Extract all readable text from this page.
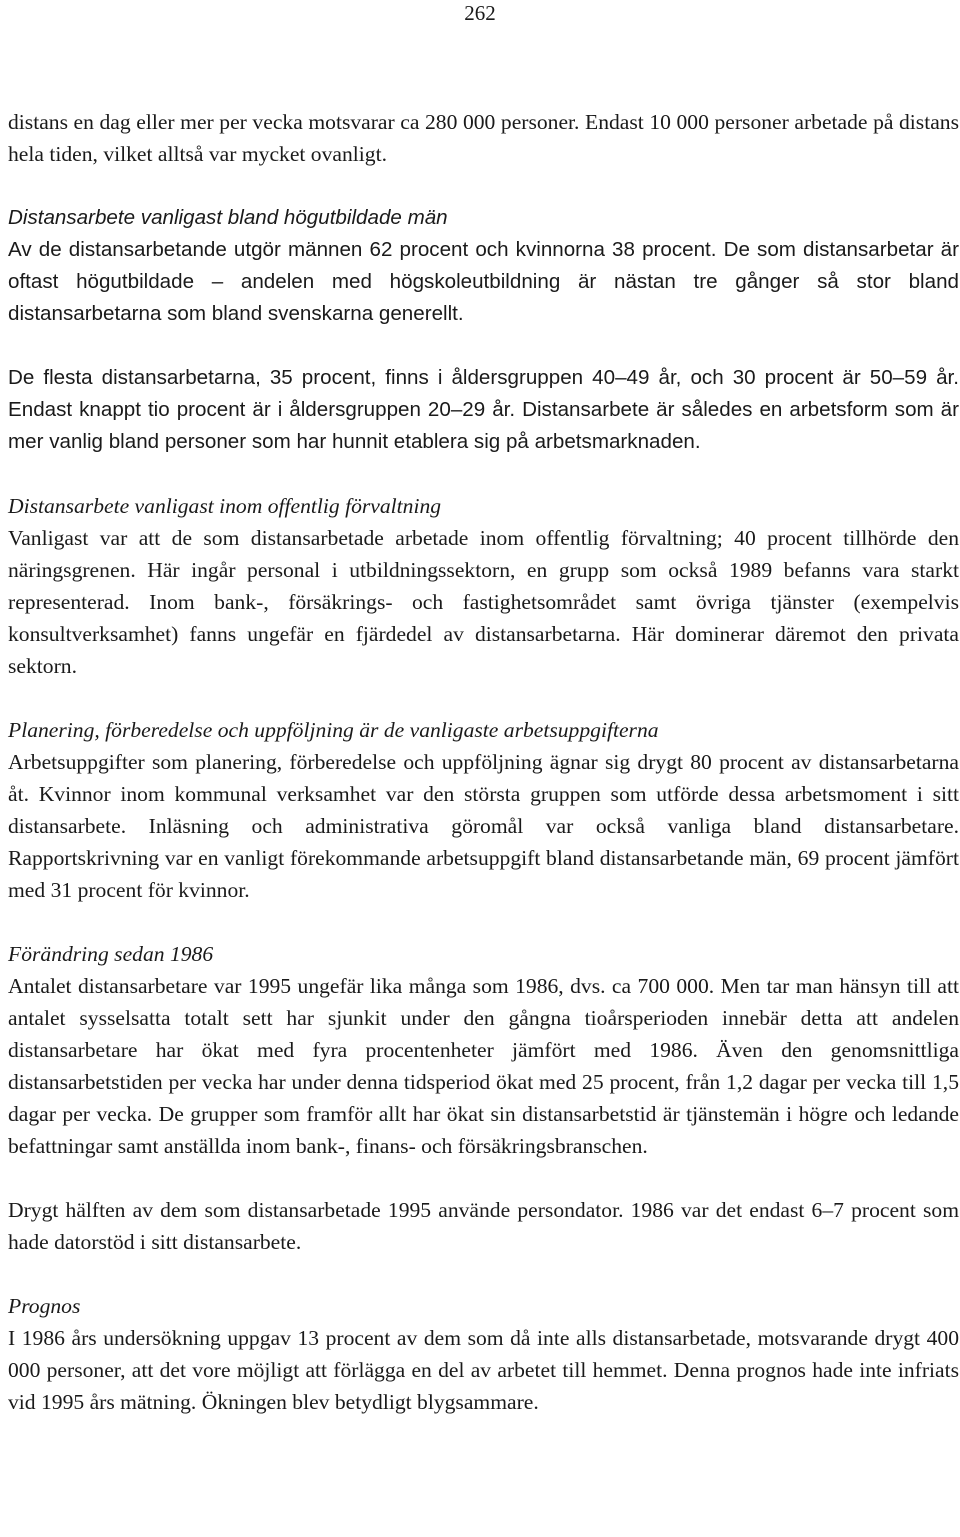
262

distans en dag eller mer per vecka motsvarar ca 280 000 personer. Endast 10 000 personer arbetade på distans hela tiden, vilket alltså var mycket ovanligt.

Distansarbete vanligast bland högutbildade män

Av de distansarbetande utgör männen 62 procent och kvinnorna 38 procent. De som distansarbetar är oftast högutbildade – andelen med högskoleutbildning är nästan tre gånger så stor bland distansarbetarna som bland svenskarna generellt.

De flesta distansarbetarna, 35 procent, finns i åldersgruppen 40–49 år, och 30 procent är 50–59 år. Endast knappt tio procent är i åldersgruppen 20–29 år. Distansarbete är således en arbetsform som är mer vanlig bland personer som har hunnit etablera sig på arbetsmarknaden.

Distansarbete vanligast inom offentlig förvaltning

Vanligast var att de som distansarbetade arbetade inom offentlig förvaltning; 40 procent tillhörde den näringsgrenen. Här ingår personal i utbildningssektorn, en grupp som också 1989 befanns vara starkt representerad. Inom bank-, försäkrings- och fastighetsområdet samt övriga tjänster (exempelvis konsultverksamhet) fanns ungefär en fjärdedel av distansarbetarna. Här dominerar däremot den privata sektorn.

Planering, förberedelse och uppföljning är de vanligaste arbetsuppgifterna

Arbetsuppgifter som planering, förberedelse och uppföljning ägnar sig drygt 80 procent av distansarbetarna åt. Kvinnor inom kommunal verksamhet var den största gruppen som utförde dessa arbetsmoment i sitt distansarbete. Inläsning och administrativa göromål var också vanliga bland distansarbetare. Rapportskrivning var en vanligt förekommande arbetsuppgift bland distansarbetande män, 69 procent jämfört med 31 procent för kvinnor.

Förändring sedan 1986

Antalet distansarbetare var 1995 ungefär lika många som 1986, dvs. ca 700 000. Men tar man hänsyn till att antalet sysselsatta totalt sett har sjunkit under den gångna tioårsperioden innebär detta att andelen distansarbetare har ökat med fyra procentenheter jämfört med 1986. Även den genomsnittliga distansarbetstiden per vecka har under denna tidsperiod ökat med 25 procent, från 1,2 dagar per vecka till 1,5 dagar per vecka. De grupper som framför allt har ökat sin distansarbetstid är tjänstemän i högre och ledande befattningar samt anställda inom bank-, finans- och försäkringsbranschen.

Drygt hälften av dem som distansarbetade 1995 använde persondator. 1986 var det endast 6–7 procent som hade datorstöd i sitt distansarbete.

Prognos

I 1986 års undersökning uppgav 13 procent av dem som då inte alls distansarbetade, motsvarande drygt 400 000 personer, att det vore möjligt att förlägga en del av arbetet till hemmet. Denna prognos hade inte infriats vid 1995 års mätning. Ökningen blev betydligt blygsammare.
